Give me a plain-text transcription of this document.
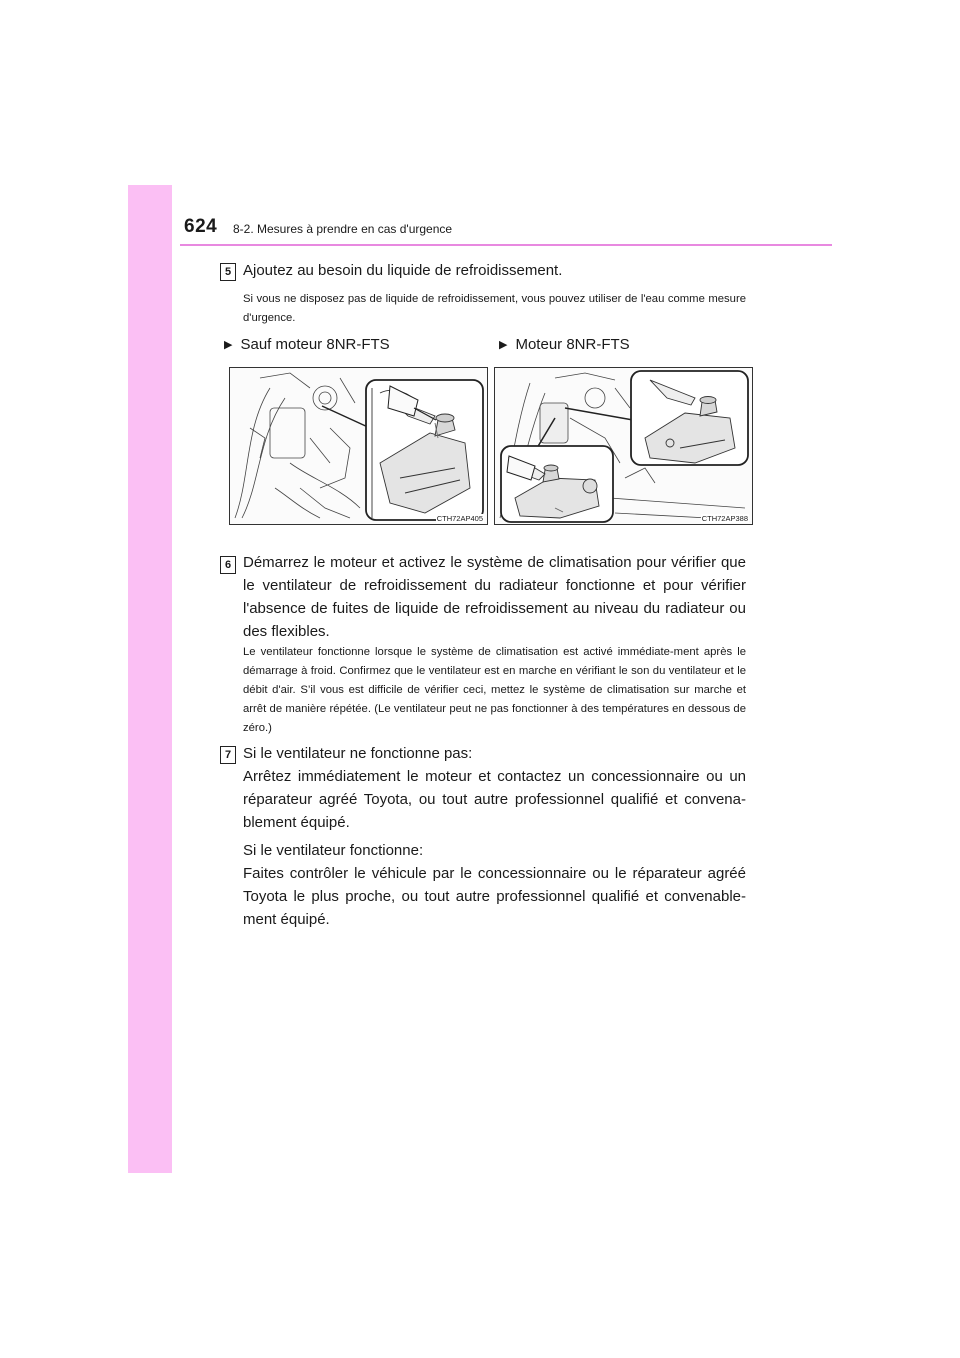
624 8-2. Mesures à prendre en cas d'urgence
5 Ajoutez au besoin du liquide de refroidissement.

Si vous ne disposez pas de liquide de refroidissement, vous pouvez utiliser de l'eau comme mesure d'urgence.

▶ Sauf moteur 8NR-FTS	▶ Moteur 8NR-FTS
CTH72AP405	CTH72AP388
6 Démarrez le moteur et activez le système de climatisation pour vérifier que le ventilateur de refroidissement du radiateur fonctionne et pour vérifier l'absence de fuites de liquide de refroidissement au niveau du radiateur ou des flexibles.

Le ventilateur fonctionne lorsque le système de climatisation est activé immédiate-ment après le démarrage à froid. Confirmez que le ventilateur est en marche en vérifiant le son du ventilateur et le débit d'air. S’il vous est difficile de vérifier ceci, mettez le système de climatisation sur marche et arrêt de manière répétée. (Le ventilateur peut ne pas fonctionner à des températures en dessous de zéro.)

7 Si le ventilateur ne fonctionne pas:

Arrêtez immédiatement le moteur et contactez un concessionnaire ou un réparateur agréé Toyota, ou tout autre professionnel qualifié et convena-blement équipé.

Si le ventilateur fonctionne:

Faites contrôler le véhicule par le concessionnaire ou le réparateur agréé Toyota le plus proche, ou tout autre professionnel qualifié et convenable-ment équipé.
